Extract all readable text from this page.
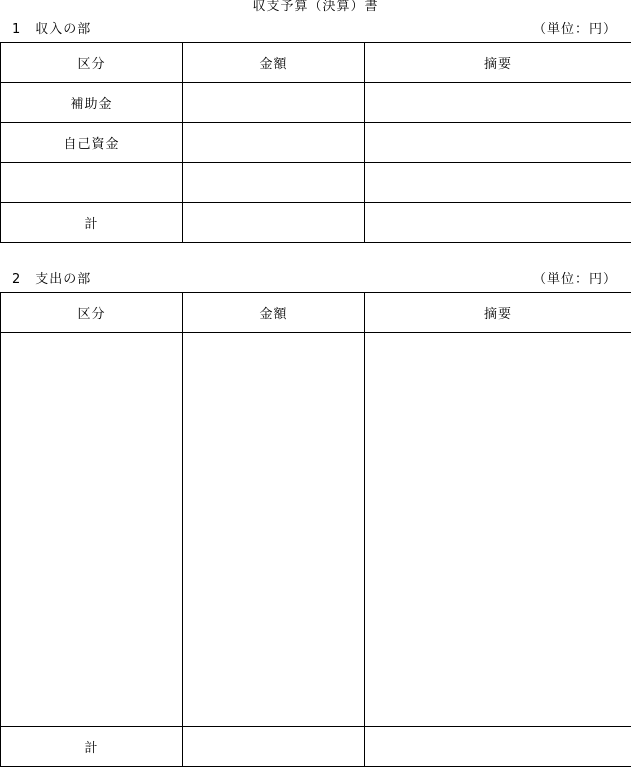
収支予算（決算）書
1　収入の部	（単位：円）
区分	金額	摘要
補助金		
自己資金		

計		
2　支出の部	（単位：円）
区分	金額	摘要

計		
